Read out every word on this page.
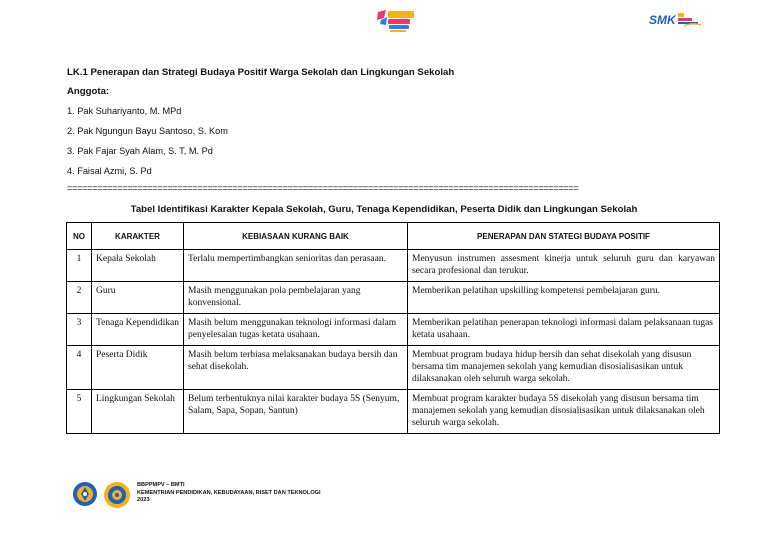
SMK
LK.1 Penerapan dan Strategi Budaya Positif Warga Sekolah dan Lingkungan Sekolah
Anggota:
1. Pak Suhariyanto, M. MPd
2. Pak Ngungun Bayu Santoso, S. Kom
3. Pak Fajar Syah Alam, S. T, M. Pd
4. Faisal Azmi, S. Pd
======================================================================================================
Tabel Identifikasi Karakter Kepala Sekolah, Guru, Tenaga Kependidikan, Peserta Didik dan Lingkungan Sekolah
NO	KARAKTER	KEBIASAAN KURANG BAIK	PENERAPAN DAN STATEGI BUDAYA POSITIF
1	Kepala Sekolah	Terlalu mempertimbangkan senioritas dan perasaan.	Menyusun instrumen assesment kinerja untuk seluruh guru dan karyawan secara profesional dan terukur.
2	Guru	Masih menggunakan pola pembelajaran yang konvensional.	Memberikan pelatihan upskilling kompetensi pembelajaran guru.
3	Tenaga Kependidikan	Masih belum menggunakan teknologi informasi dalam penyelesaian tugas ketata usahaan.	Memberikan pelatihan penerapan teknologi informasi dalam pelaksanaan tugas ketata usahaan.
4	Peserta Didik	Masih belum terbiasa melaksanakan budaya bersih dan sehat disekolah.	Membuat program budaya hidup bersih dan sehat disekolah yang disusun bersama tim manajemen sekolah yang kemudian disosialisasikan untuk dilaksanakan oleh seluruh warga sekolah.
5	Lingkungan Sekolah	Belum terbentuknya nilai karakter budaya 5S (Senyum, Salam, Sapa, Sopan, Santun)	Membuat program karakter budaya 5S disekolah yang disusun bersama tim manajemen sekolah yang kemudian disosialisasikan untuk dilaksanakan oleh seluruh warga sekolah.
BBPPMPV – BMTI
KEMENTRIAN PENDIDIKAN, KEBUDAYAAN, RISET DAN TEKNOLOGI
2023
